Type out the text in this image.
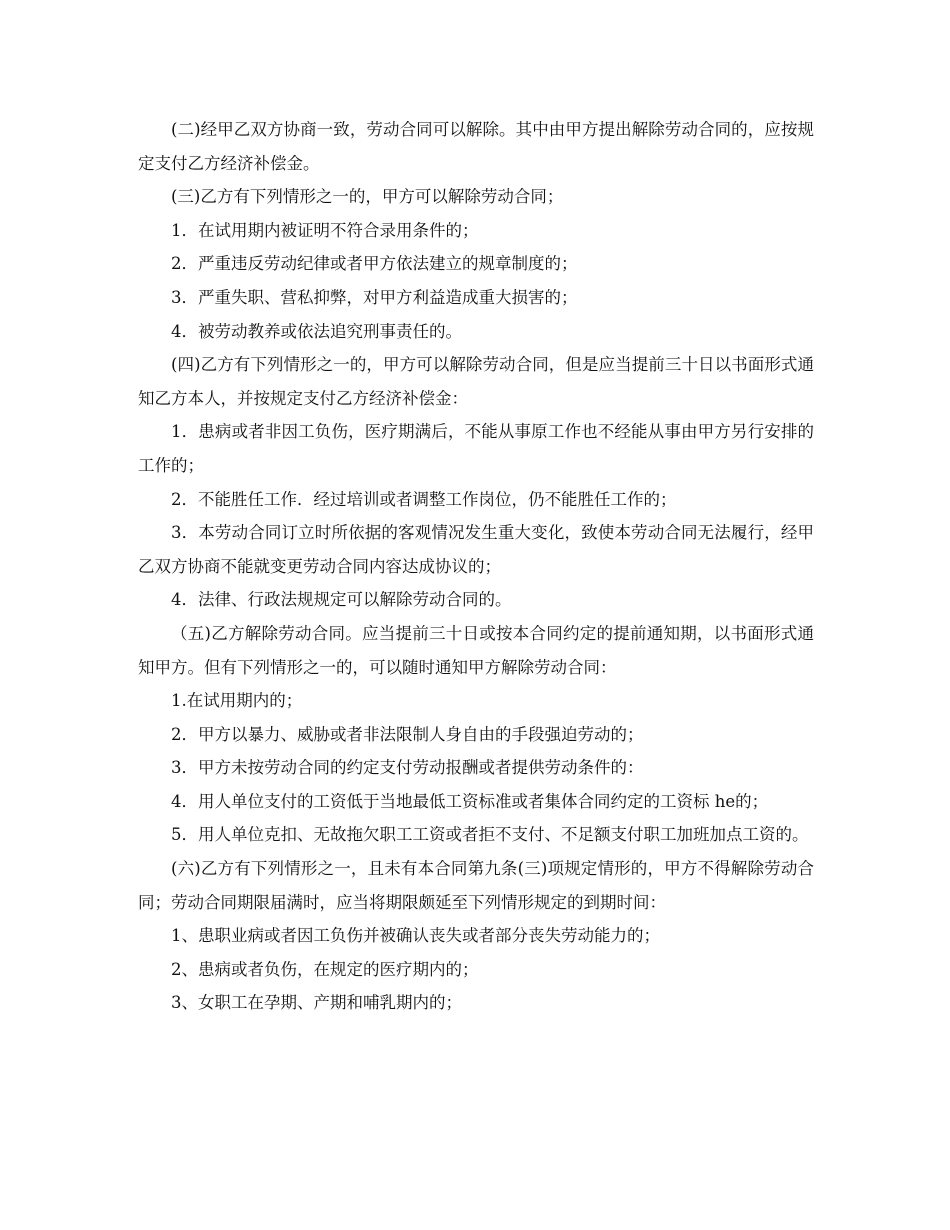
(二)经甲乙双方协商一致，劳动合同可以解除。其中由甲方提出解除劳动合同的，应按规定支付乙方经济补偿金。

(三)乙方有下列情形之一的，甲方可以解除劳动合同；

1．在试用期内被证明不符合录用条件的；

2．严重违反劳动纪律或者甲方依法建立的规章制度的；

3．严重失职、营私抑弊，对甲方利益造成重大损害的；

4．被劳动教养或依法追究刑事责任的。

(四)乙方有下列情形之一的，甲方可以解除劳动合同，但是应当提前三十日以书面形式通知乙方本人，并按规定支付乙方经济补偿金：

1．患病或者非因工负伤，医疗期满后，不能从事原工作也不经能从事由甲方另行安排的工作的；

2．不能胜任工作．经过培训或者调整工作岗位，仍不能胜任工作的；

3．本劳动合同订立时所依据的客观情况发生重大变化，致使本劳动合同无法履行，经甲乙双方协商不能就变更劳动合同内容达成协议的；

4．法律、行政法规规定可以解除劳动合同的。

（五)乙方解除劳动合同。应当提前三十日或按本合同约定的提前通知期，以书面形式通知甲方。但有下列情形之一的，可以随时通知甲方解除劳动合同：

1.在试用期内的；

2．甲方以暴力、威胁或者非法限制人身自由的手段强迫劳动的；

3．甲方未按劳动合同的约定支付劳动报酬或者提供劳动条件的：

4．用人单位支付的工资低于当地最低工资标准或者集体合同约定的工资标 he的；

5．用人单位克扣、无故拖欠职工工资或者拒不支付、不足额支付职工加班加点工资的。

(六)乙方有下列情形之一，且未有本合同第九条(三)项规定情形的，甲方不得解除劳动合同；劳动合同期限届满时，应当将期限颇延至下列情形规定的到期时间：

1、患职业病或者因工负伤并被确认丧失或者部分丧失劳动能力的；

2、患病或者负伤，在规定的医疗期内的；

3、女职工在孕期、产期和哺乳期内的；
